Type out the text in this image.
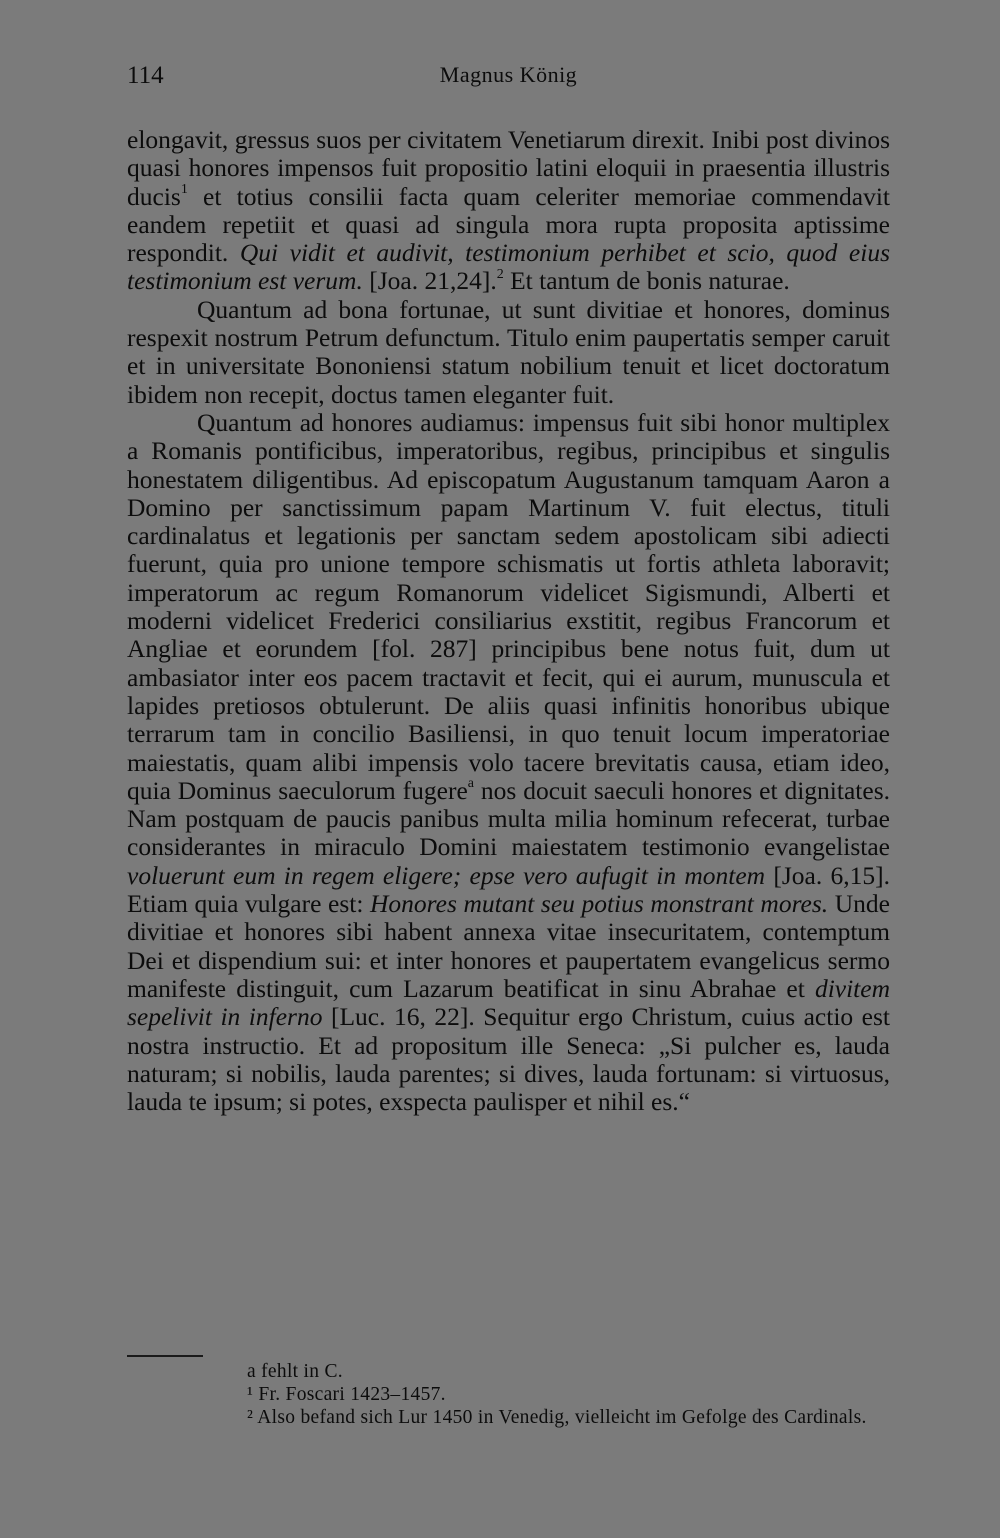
114	Magnus König

elongavit, gressus suos per civitatem Venetiarum direxit. Inibi post divinos quasi honores impensos fuit propositio latini eloquii in praesentia illustris ducis$^1$ et totius consilii facta quam celeriter memoriae commendavit eandem repetiit et quasi ad singula mora rupta proposita aptissime respondit. Qui vidit et audivit, testimonium perhibet et scio, quod eius testimonium est verum. [Joa. 21,24].$^2$ Et tantum de bonis naturae.

Quantum ad bona fortunae, ut sunt divitiae et honores, dominus respexit nostrum Petrum defunctum. Titulo enim paupertatis semper caruit et in universitate Bononiensi statum nobilium tenuit et licet doctoratum ibidem non recepit, doctus tamen eleganter fuit.

Quantum ad honores audiamus: impensus fuit sibi honor multiplex a Romanis pontificibus, imperatoribus, regibus, principibus et singulis honestatem diligentibus. Ad episcopatum Augustanum tamquam Aaron a Domino per sanctissimum papam Martinum V. fuit electus, tituli cardinalatus et legationis per sanctam sedem apostolicam sibi adiecti fuerunt, quia pro unione tempore schismatis ut fortis athleta laboravit; imperatorum ac regum Romanorum videlicet Sigismundi, Alberti et moderni videlicet Frederici consiliarius exstitit, regibus Francorum et Angliae et eorundem [fol. 287] principibus bene notus fuit, dum ut ambasiator inter eos pacem tractavit et fecit, qui ei aurum, munuscula et lapides pretiosos obtulerunt. De aliis quasi infinitis honoribus ubique terrarum tam in concilio Basiliensi, in quo tenuit locum imperatoriae maiestatis, quam alibi impensis volo tacere brevitatis causa, etiam ideo, quia Dominus saeculorum fugere$^a$ nos docuit saeculi honores et dignitates. Nam postquam de paucis panibus multa milia hominum refecerat, turbae considerantes in miraculo Domini maiestatem testimonio evangelistae voluerunt eum in regem eligere; epse vero aufugit in montem [Joa. 6,15]. Etiam quia vulgare est: Honores mutant seu potius monstrant mores. Unde divitiae et honores sibi habent annexa vitae insecuritatem, contemptum Dei et dispendium sui: et inter honores et paupertatem evangelicus sermo manifeste distinguit, cum Lazarum beatificat in sinu Abrahae et divitem sepelivit in inferno [Luc. 16, 22]. Sequitur ergo Christum, cuius actio est nostra instructio. Et ad propositum ille Seneca: „Si pulcher es, lauda naturam; si nobilis, lauda parentes; si dives, lauda fortunam: si virtuosus, lauda te ipsum; si potes, exspecta paulisper et nihil es.“

a fehlt in C.

¹ Fr. Foscari 1423–1457.

² Also befand sich Lur 1450 in Venedig, vielleicht im Gefolge des Cardinals.
